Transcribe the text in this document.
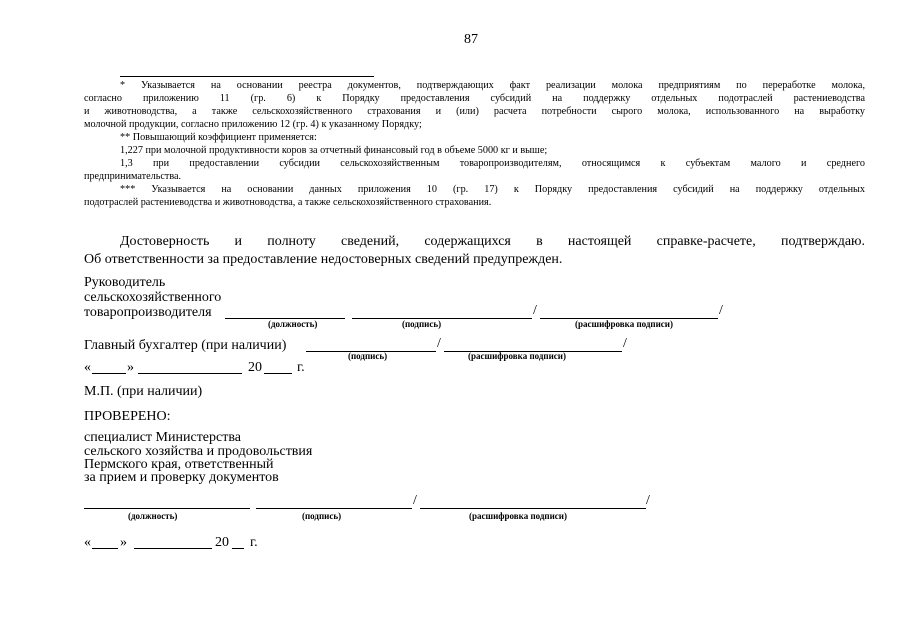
87
* Указывается на основании реестра документов, подтверждающих факт реализации молока предприятиям по переработке молока,
согласно приложению 11 (гр. 6) к Порядку предоставления субсидий на поддержку отдельных подотраслей растениеводства
и животноводства, а также сельскохозяйственного страхования и (или) расчета потребности сырого молока, использованного на выработку
молочной продукции, согласно приложению 12 (гр. 4) к указанному Порядку;
** Повышающий коэффициент применяется:
1,227 при молочной продуктивности коров за отчетный финансовый год в объеме 5000 кг и выше;
1,3 при предоставлении субсидии сельскохозяйственным товаропроизводителям, относящимся к субъектам малого и среднего
предпринимательства.
*** Указывается на основании данных приложения 10 (гр. 17) к Порядку предоставления субсидий на поддержку отдельных
подотраслей растениеводства и животноводства, а также сельскохозяйственного страхования.
Достоверность и полноту сведений, содержащихся в настоящей справке-расчете, подтверждаю.
Об ответственности за предоставление недостоверных сведений предупрежден.
Руководитель
сельскохозяйственного
товаропроизводителя	/	/
(должность)	(подпись)	(расшифровка подписи)
Главный бухгалтер (при наличии)	/	/
(подпись)	(расшифровка подписи)
«	»	20	г.
М.П. (при наличии)
ПРОВЕРЕНО:
специалист Министерства
сельского хозяйства и продовольствия
Пермского края, ответственный
за прием и проверку документов
/	/
(должность)	(подпись)	(расшифровка подписи)
« »	20 г.
